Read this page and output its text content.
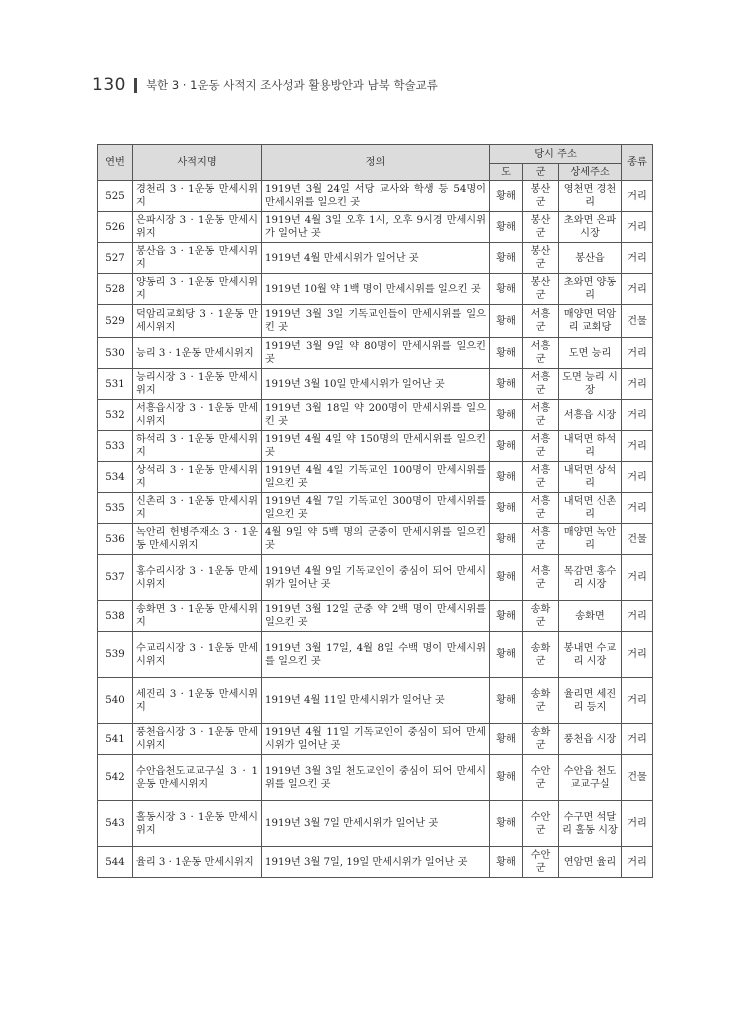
130 북한 3 · 1운동 사적지 조사성과 활용방안과 남북 학술교류
연번	사적지명	정의	당시 주소			종류
			도	군	상세주소	
525	경천리 3 · 1운동 만세시위지	1919년 3월 24일 서당 교사와 학생 등 54명이 만세시위를 일으킨 곳	황해	봉산군	영천면 경천리	거리
526	은파시장 3 · 1운동 만세시위지	1919년 4월 3일 오후 1시, 오후 9시경 만세시위가 일어난 곳	황해	봉산군	초와면 은파 시장	거리
527	봉산읍 3 · 1운동 만세시위지	1919년 4월 만세시위가 일어난 곳	황해	봉산군	봉산읍	거리
528	양동리 3 · 1운동 만세시위지	1919년 10월 약 1백 명이 만세시위를 일으킨 곳	황해	봉산군	초와면 양동리	거리
529	덕암리교회당 3 · 1운동 만세시위지	1919년 3월 3일 기독교인들이 만세시위를 일으킨 곳	황해	서흥군	매양면 덕암리 교회당	건물
530	능리 3 · 1운동 만세시위지	1919년 3월 9일 약 80명이 만세시위를 일으킨 곳	황해	서흥군	도면 능리	거리
531	능리시장 3 · 1운동 만세시위지	1919년 3월 10일 만세시위가 일어난 곳	황해	서흥군	도면 능리 시장	거리
532	서흥읍시장 3 · 1운동 만세시위지	1919년 3월 18일 약 200명이 만세시위를 일으킨 곳	황해	서흥군	서흥읍 시장	거리
533	하석리 3 · 1운동 만세시위지	1919년 4월 4일 약 150명의 만세시위를 일으킨 곳	황해	서흥군	내덕면 하석리	거리
534	상석리 3 · 1운동 만세시위지	1919년 4월 4일 기독교인 100명이 만세시위를 일으킨 곳	황해	서흥군	내덕면 상석리	거리
535	신촌리 3 · 1운동 만세시위지	1919년 4월 7일 기독교인 300명이 만세시위를 일으킨 곳	황해	서흥군	내덕면 신촌리	거리
536	녹안리 헌병주재소 3 · 1운동 만세시위지	4월 9일 약 5백 명의 군중이 만세시위를 일으킨 곳	황해	서흥군	매양면 녹안리	건물
537	홍수리시장 3 · 1운동 만세시위지	1919년 4월 9일 기독교인이 중심이 되어 만세시위가 일어난 곳	황해	서흥군	목감면 홍수리 시장	거리
538	송화면 3 · 1운동 만세시위지	1919년 3월 12일 군중 약 2백 명이 만세시위를 일으킨 곳	황해	송화군	송화면	거리
539	수교리시장 3 · 1운동 만세시위지	1919년 3월 17일, 4월 8일 수백 명이 만세시위를 일으킨 곳	황해	송화군	봉내면 수교리 시장	거리
540	세진리 3 · 1운동 만세시위지	1919년 4월 11일 만세시위가 일어난 곳	황해	송화군	율리면 세진리 등지	거리
541	풍천읍시장 3 · 1운동 만세시위지	1919년 4월 11일 기독교인이 중심이 되어 만세시위가 일어난 곳	황해	송화군	풍천읍 시장	거리
542	수안읍천도교교구실 3 · 1운동 만세시위지	1919년 3월 3일 천도교인이 중심이 되어 만세시위를 일으킨 곳	황해	수안군	수안읍 천도교교구실	건물
543	홀동시장 3 · 1운동 만세시위지	1919년 3월 7일 만세시위가 일어난 곳	황해	수안군	수구면 석달리 홀동 시장	거리
544	율리 3 · 1운동 만세시위지	1919년 3월 7일, 19일 만세시위가 일어난 곳	황해	수안군	연암면 율리	거리
